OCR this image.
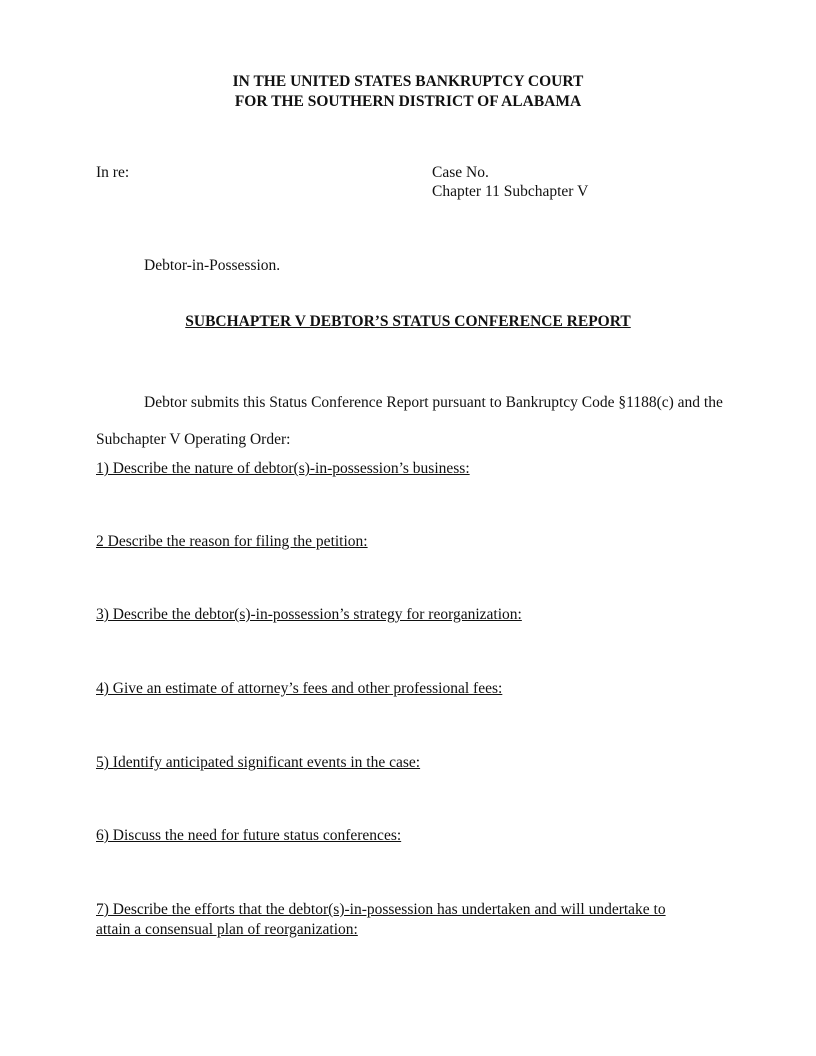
IN THE UNITED STATES BANKRUPTCY COURT
FOR THE SOUTHERN DISTRICT OF ALABAMA

In re:	Case No.

Chapter 11 Subchapter V

Debtor-in-Possession.

SUBCHAPTER V DEBTOR’S STATUS CONFERENCE REPORT

Debtor submits this Status Conference Report pursuant to Bankruptcy Code §1188(c) and the Subchapter V Operating Order:

1) Describe the nature of debtor(s)-in-possession’s business:

2 Describe the reason for filing the petition:

3) Describe the debtor(s)-in-possession’s strategy for reorganization:

4) Give an estimate of attorney’s fees and other professional fees:

5) Identify anticipated significant events in the case:

6) Discuss the need for future status conferences:

7) Describe the efforts that the debtor(s)-in-possession has undertaken and will undertake to

attain a consensual plan of reorganization:
